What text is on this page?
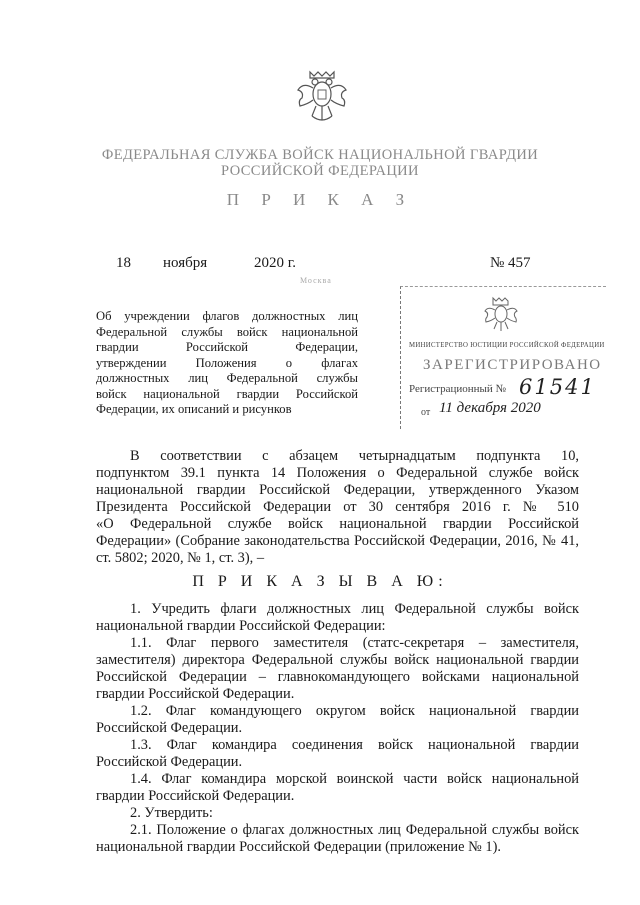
ФЕДЕРАЛЬНАЯ СЛУЖБА ВОЙСК НАЦИОНАЛЬНОЙ ГВАРДИИ
РОССИЙСКОЙ ФЕДЕРАЦИИ
П Р И К А З
18 ноября	2020 г.	№ 457
Москва
Об учреждении флагов должностных лиц
Федеральной службы войск национальной
гвардии Российской Федерации,
утверждении Положения о флагах
должностных лиц Федеральной службы
войск национальной гвардии Российской
Федерации, их описаний и рисунков
МИНИСТЕРСТВО ЮСТИЦИИ РОССИЙСКОЙ ФЕДЕРАЦИИ
ЗАРЕГИСТРИРОВАНО
Регистрационный № 61541
от 11 декабря 2020
В соответствии с абзацем четырнадцатым подпункта 10,
подпунктом 39.1 пункта 14 Положения о Федеральной службе войск
национальной гвардии Российской Федерации, утвержденного Указом
Президента Российской Федерации от 30 сентября 2016 г. № 510
«О Федеральной службе войск национальной гвардии Российской
Федерации» (Собрание законодательства Российской Федерации, 2016, № 41,
ст. 5802; 2020, № 1, ст. 3), –
П Р И К А З Ы В А Ю:
1. Учредить флаги должностных лиц Федеральной службы войск национальной гвардии Российской Федерации:
1.1. Флаг первого заместителя (статс-секретаря – заместителя, заместителя) директора Федеральной службы войск национальной гвардии Российской Федерации – главнокомандующего войсками национальной гвардии Российской Федерации.
1.2. Флаг командующего округом войск национальной гвардии Российской Федерации.
1.3. Флаг командира соединения войск национальной гвардии Российской Федерации.
1.4. Флаг командира морской воинской части войск национальной гвардии Российской Федерации.
2. Утвердить:
2.1. Положение о флагах должностных лиц Федеральной службы войск национальной гвардии Российской Федерации (приложение № 1).
